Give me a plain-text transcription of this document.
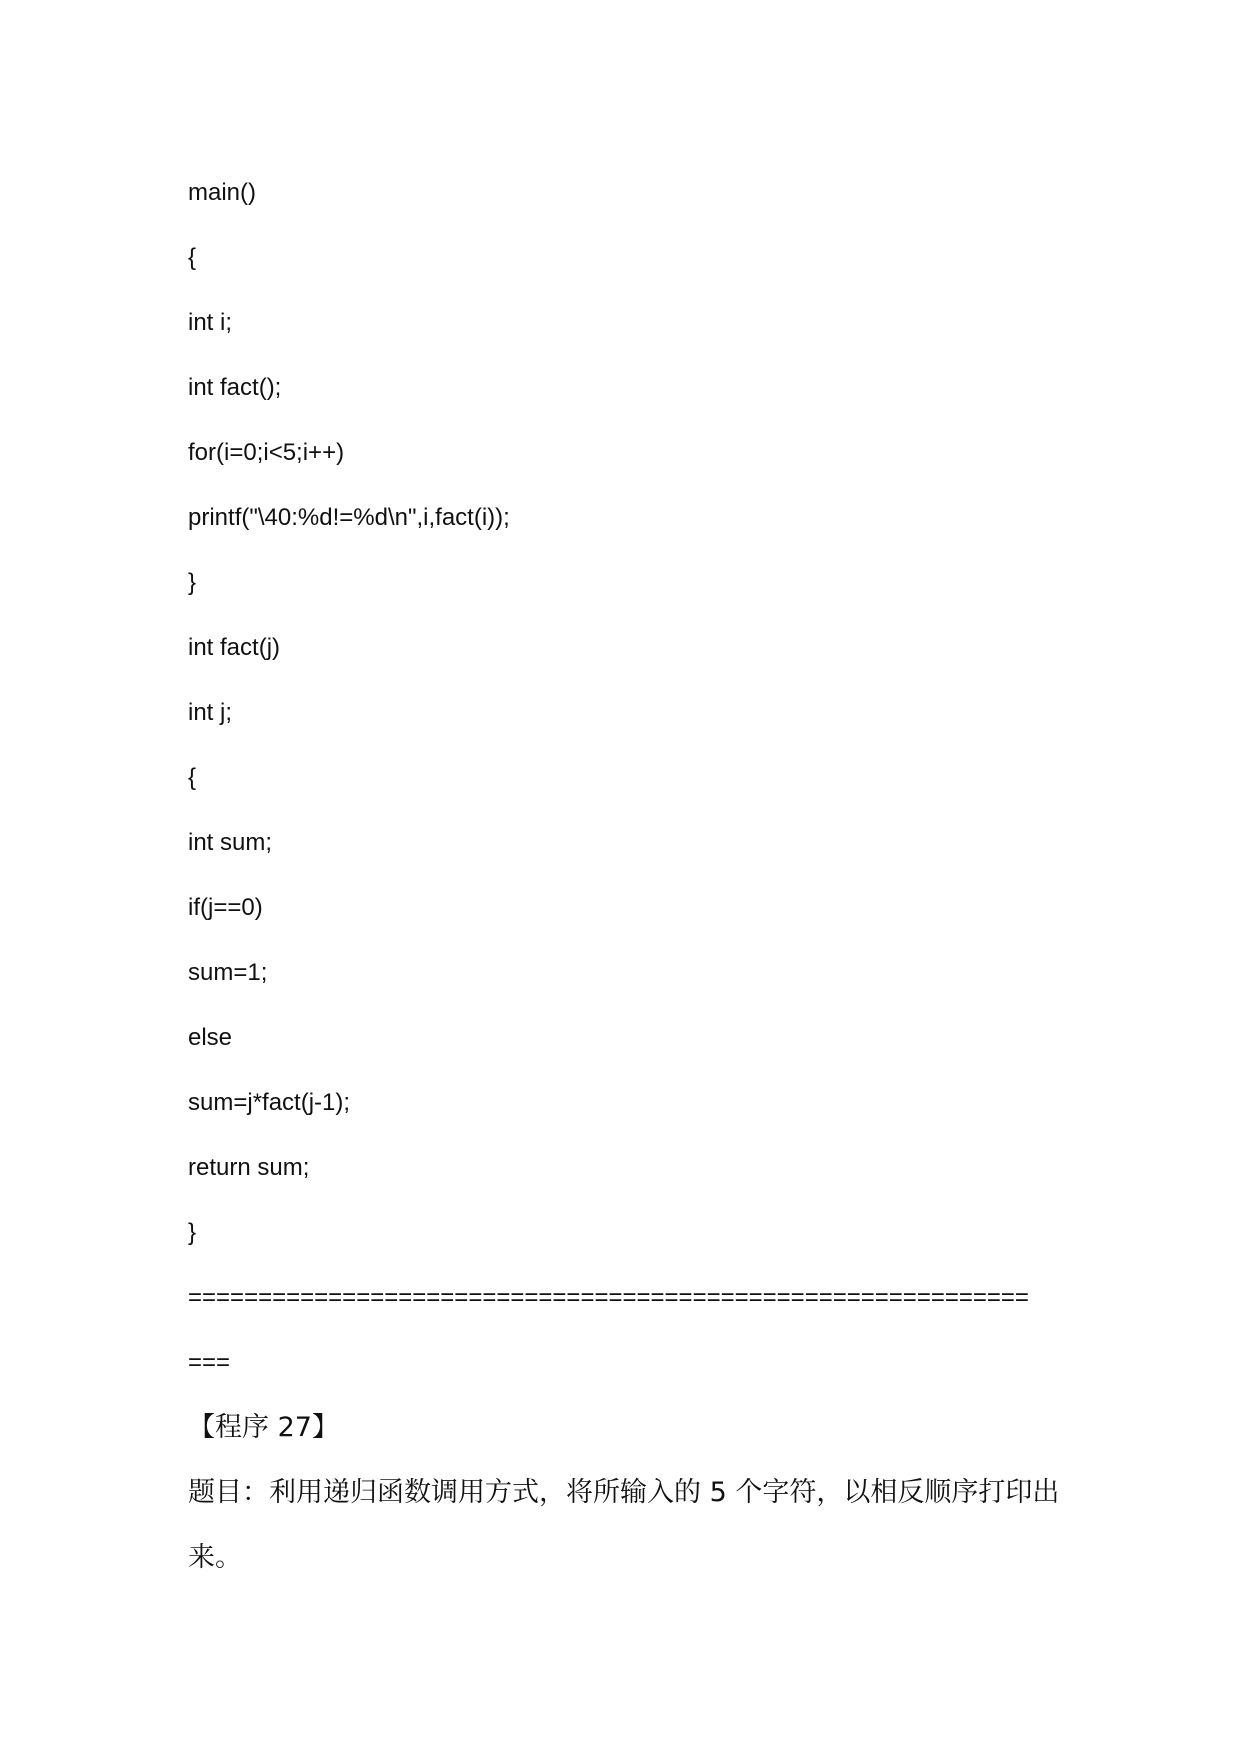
main()
{
int i;
int fact();
for(i=0;i<5;i++)
printf("\40:%d!=%d\n",i,fact(i));
}
int fact(j)
int j;
{
int sum;
if(j==0)
sum=1;
else
sum=j*fact(j-1);
return sum;
}
============================================================
===
【程序 27】
题目：利用递归函数调用方式，将所输入的 5 个字符，以相反顺序打印出来。
